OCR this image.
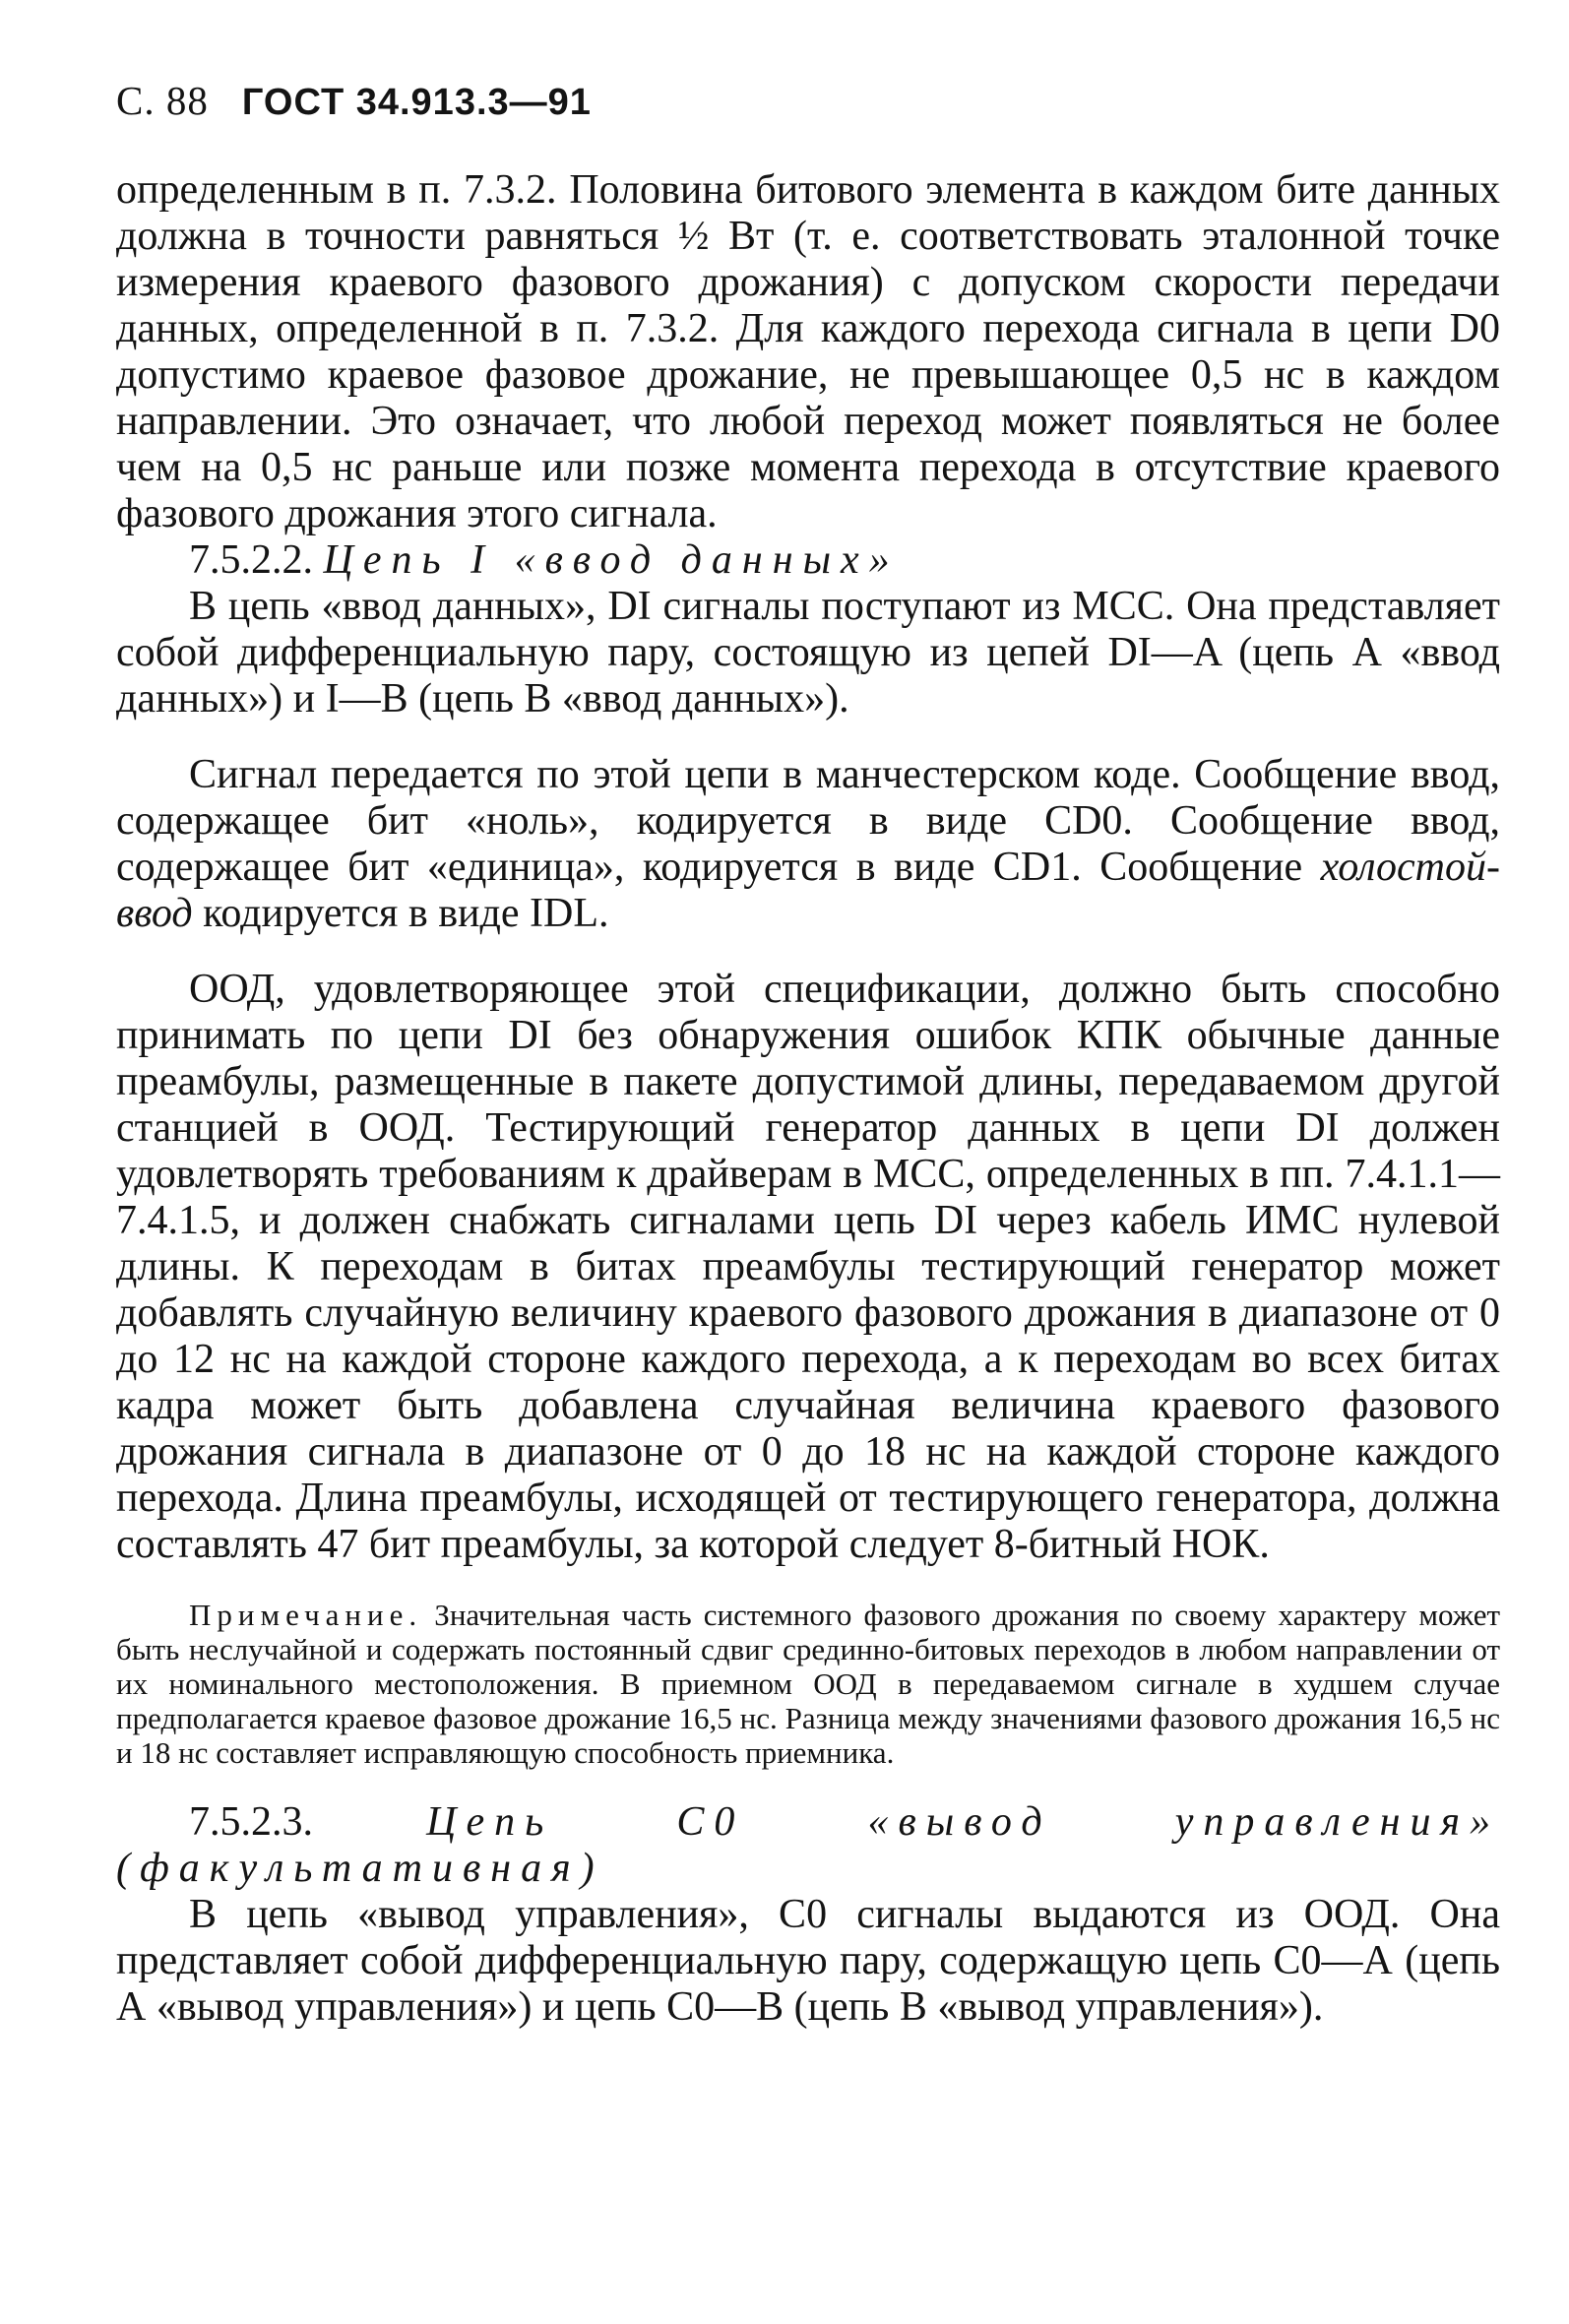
С. 88 ГОСТ 34.913.3—91

определенным в п. 7.3.2. Половина битового элемента в каждом бите данных должна в точности равняться ½ Вт (т. е. соответствовать эталонной точке измерения краевого фазового дрожания) с допуском скорости передачи данных, определенной в п. 7.3.2. Для каждого перехода сигнала в цепи D0 допустимо краевое фазовое дрожание, не превышающее 0,5 нс в каждом направлении. Это означает, что любой переход может появляться не более чем на 0,5 нс раньше или позже момента перехода в отсутствие краевого фазового дрожания этого сигнала.

7.5.2.2. Цепь I «ввод данных»

В цепь «ввод данных», DI сигналы поступают из МСС. Она представляет собой дифференциальную пару, состоящую из цепей DI—A (цепь А «ввод данных») и I—В (цепь В «ввод данных»).

Сигнал передается по этой цепи в манчестерском коде. Сообщение ввод, содержащее бит «ноль», кодируется в виде CD0. Сообщение ввод, содержащее бит «единица», кодируется в виде CD1. Сообщение холостой-ввод кодируется в виде IDL.

ООД, удовлетворяющее этой спецификации, должно быть способно принимать по цепи DI без обнаружения ошибок КПК обычные данные преамбулы, размещенные в пакете допустимой длины, передаваемом другой станцией в ООД. Тестирующий генератор данных в цепи DI должен удовлетворять требованиям к драйверам в МСС, определенных в пп. 7.4.1.1—7.4.1.5, и должен снабжать сигналами цепь DI через кабель ИМС нулевой длины. К переходам в битах преамбулы тестирующий генератор может добавлять случайную величину краевого фазового дрожания в диапазоне от 0 до 12 нс на каждой стороне каждого перехода, а к переходам во всех битах кадра может быть добавлена случайная величина краевого фазового дрожания сигнала в диапазоне от 0 до 18 нс на каждой стороне каждого перехода. Длина преамбулы, исходящей от тестирующего генератора, должна составлять 47 бит преамбулы, за которой следует 8-битный НОК.

Примечание. Значительная часть системного фазового дрожания по своему характеру может быть неслучайной и содержать постоянный сдвиг срединно-битовых переходов в любом направлении от их номинального местоположения. В приемном ООД в передаваемом сигнале в худшем случае предполагается краевое фазовое дрожание 16,5 нс. Разница между значениями фазового дрожания 16,5 нс и 18 нс составляет исправляющую способность приемника.

7.5.2.3.	Цепь С0 «вывод управления» (факультативная)

В цепь «вывод управления», С0 сигналы выдаются из ООД. Она представляет собой дифференциальную пару, содержащую цепь С0—А (цепь А «вывод управления») и цепь С0—В (цепь В «вывод управления»).
